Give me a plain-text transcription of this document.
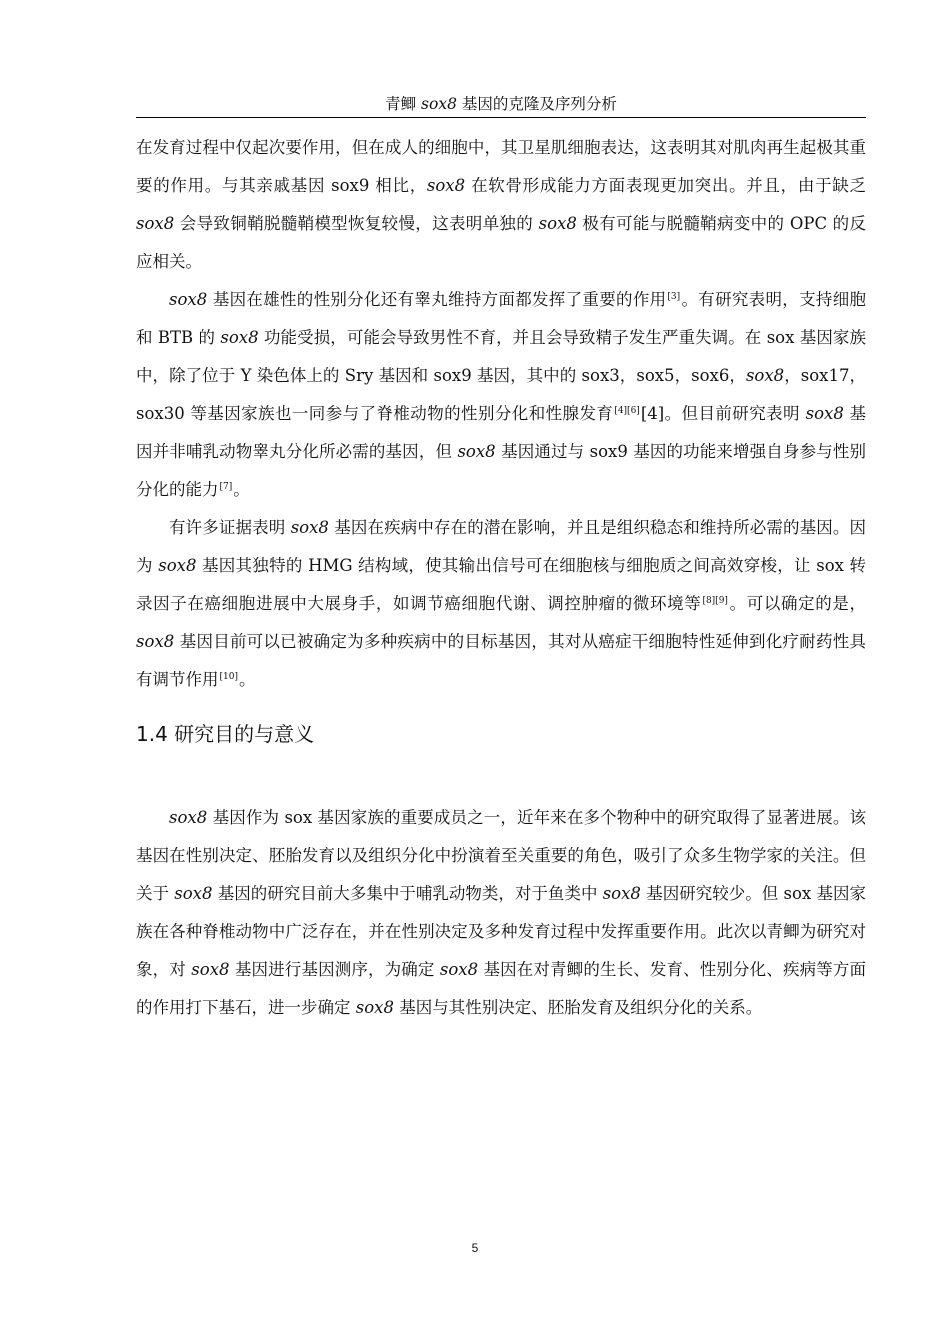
青鲫 sox8 基因的克隆及序列分析

在发育过程中仅起次要作用，但在成人的细胞中，其卫星肌细胞表达，这表明其对肌肉再生起极其重要的作用。与其亲戚基因 sox9 相比，sox8 在软骨形成能力方面表现更加突出。并且，由于缺乏 sox8 会导致铜鞘脱髓鞘模型恢复较慢，这表明单独的 sox8 极有可能与脱髓鞘病变中的 OPC 的反应相关。

sox8 基因在雄性的性别分化还有睾丸维持方面都发挥了重要的作用[3]。有研究表明，支持细胞和 BTB 的 sox8 功能受损，可能会导致男性不育，并且会导致精子发生严重失调。在 sox 基因家族中，除了位于 Y 染色体上的 Sry 基因和 sox9 基因，其中的 sox3，sox5，sox6，sox8，sox17，sox30 等基因家族也一同参与了脊椎动物的性别分化和性腺发育[4][6][4]。但目前研究表明 sox8 基因并非哺乳动物睾丸分化所必需的基因，但 sox8 基因通过与 sox9 基因的功能来增强自身参与性别分化的能力[7]。

有许多证据表明 sox8 基因在疾病中存在的潜在影响，并且是组织稳态和维持所必需的基因。因为 sox8 基因其独特的 HMG 结构域，使其输出信号可在细胞核与细胞质之间高效穿梭，让 sox 转录因子在癌细胞进展中大展身手，如调节癌细胞代谢、调控肿瘤的微环境等[8][9]。可以确定的是，sox8 基因目前可以已被确定为多种疾病中的目标基因，其对从癌症干细胞特性延伸到化疗耐药性具有调节作用[10]。

1.4 研究目的与意义

sox8 基因作为 sox 基因家族的重要成员之一，近年来在多个物种中的研究取得了显著进展。该基因在性别决定、胚胎发育以及组织分化中扮演着至关重要的角色，吸引了众多生物学家的关注。但关于 sox8 基因的研究目前大多集中于哺乳动物类，对于鱼类中 sox8 基因研究较少。但 sox 基因家族在各种脊椎动物中广泛存在，并在性别决定及多种发育过程中发挥重要作用。此次以青鲫为研究对象，对 sox8 基因进行基因测序，为确定 sox8 基因在对青鲫的生长、发育、性别分化、疾病等方面的作用打下基石，进一步确定 sox8 基因与其性别决定、胚胎发育及组织分化的关系。

5
